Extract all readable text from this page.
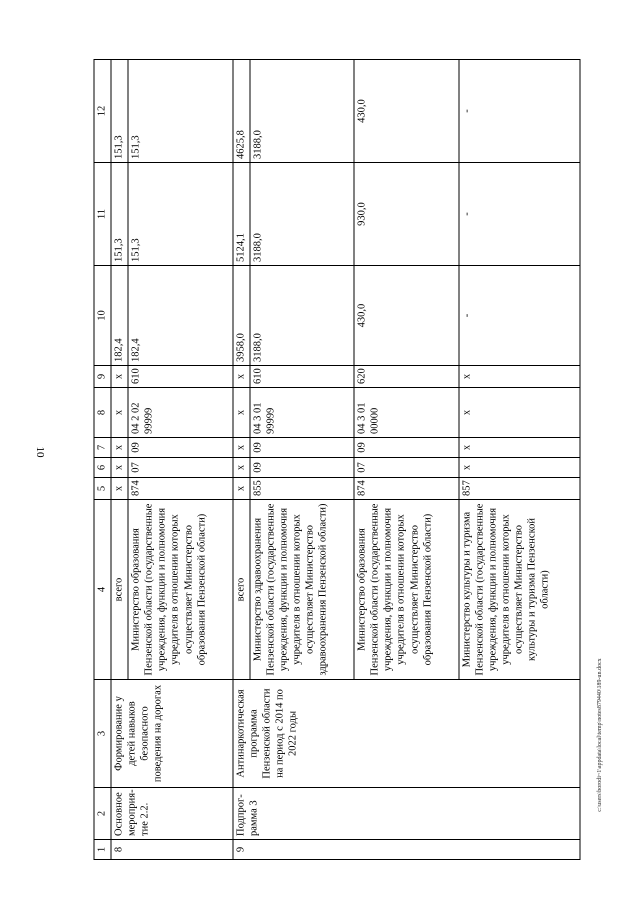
10
c:\users\borodi~1\appdata\local\temp\notes879440\189-un.docx
1	2	3	4	5	6	7	8	9	10	11	12
8	Основное мероприя-тие 2.2.	Формирование у детей навыков безопасного поведения на дорогах	всего	x	x	x	x	x	182,4	151,3	151,3
			Министерство образования Пензенской области (государственные учреждения, функции и полномочия учредителя в отношении которых осуществляет Министерство образования Пензенской области)	874	07	09	04 2 02 99999	610	182,4	151,3	151,3
9	Подпрог-рамма 3	Антинаркотическая программа Пензенской области на период с 2014 по 2022 годы	всего	x	x	x	x	x	3958,0	5124,1	4625,8
			Министерство здравоохранения Пензенской области (государственные учреждения, функции и полномочия учредителя в отношении которых осуществляет Министерство здравоохранения Пензенской области)	855	09	09	04 3 01 99999	610	3188,0	3188,0	3188,0
			Министерство образования Пензенской области (государственные учреждения, функции и полномочия учредителя в отношении которых осуществляет Министерство образования Пензенской области)	874	07	09	04 3 01 00000	620	430,0	930,0	430,0
			Министерство культуры и туризма Пензенской области (государственные учреждения, функции и полномочия учредителя в отношении которых осуществляет Министерство культуры и туризма Пензенской области)	857	x	x	x	x	-	-	-
